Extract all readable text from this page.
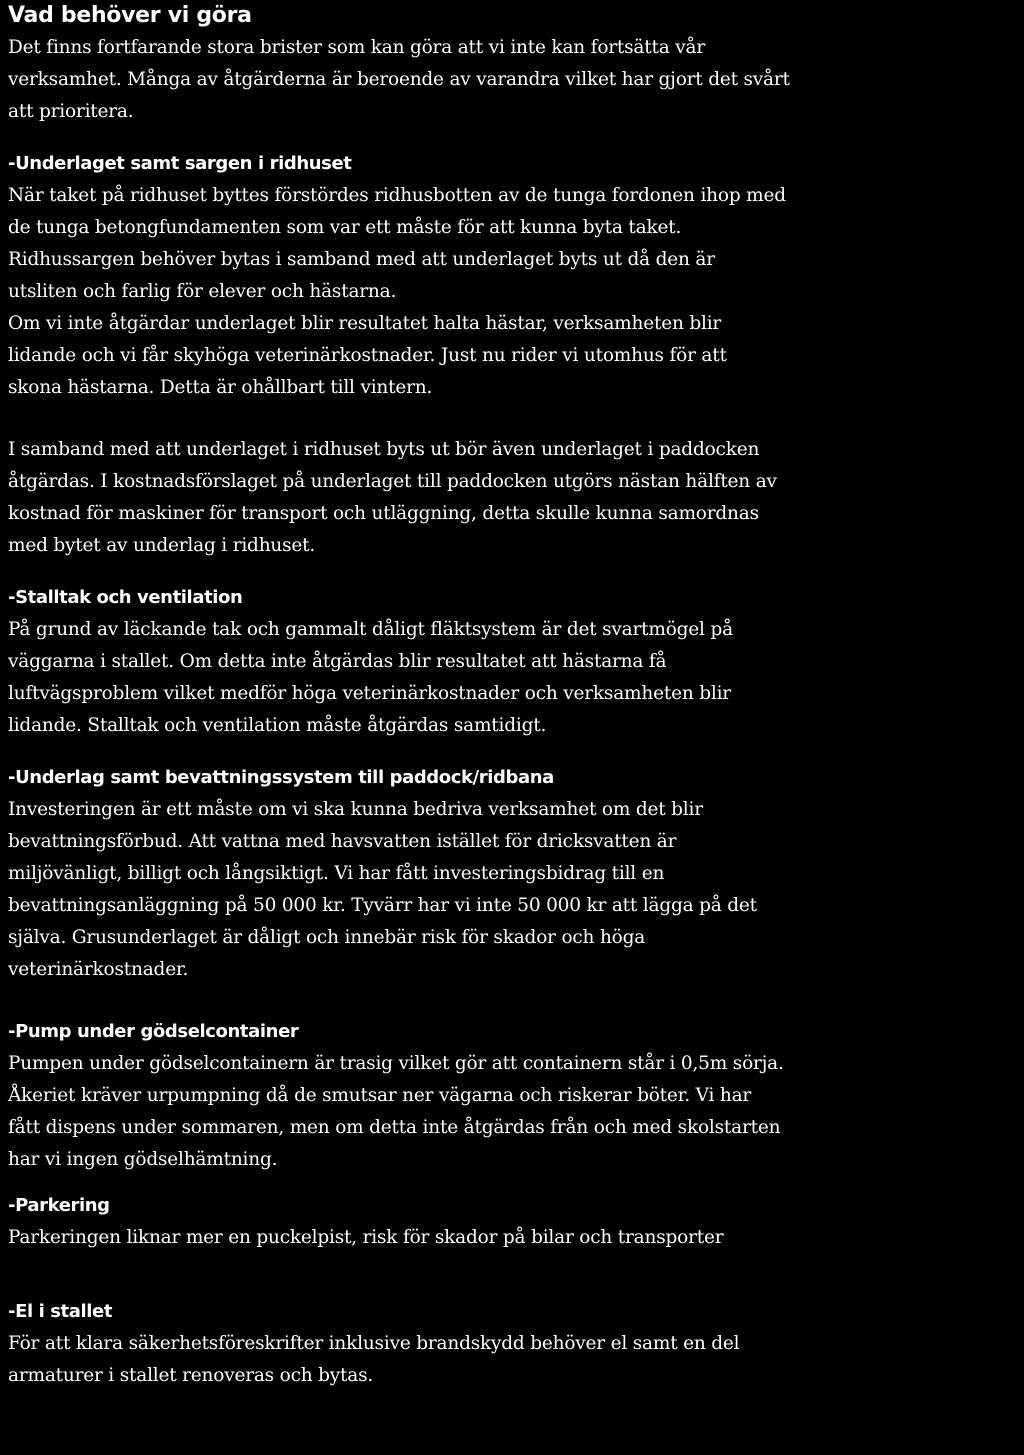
Vad behöver vi göra
Det finns fortfarande stora brister som kan göra att vi inte kan fortsätta vår
verksamhet. Många av åtgärderna är beroende av varandra vilket har gjort det svårt
att prioritera.
-Underlaget samt sargen i ridhuset
När taket på ridhuset byttes förstördes ridhusbotten av de tunga fordonen ihop med
de tunga betongfundamenten som var ett måste för att kunna byta taket.
Ridhussargen behöver bytas i samband med att underlaget byts ut då den är
utsliten och farlig för elever och hästarna.
Om vi inte åtgärdar underlaget blir resultatet halta hästar, verksamheten blir
lidande och vi får skyhöga veterinärkostnader. Just nu rider vi utomhus för att
skona hästarna. Detta är ohållbart till vintern.
I samband med att underlaget i ridhuset byts ut bör även underlaget i paddocken
åtgärdas. I kostnadsförslaget på underlaget till paddocken utgörs nästan hälften av
kostnad för maskiner för transport och utläggning, detta skulle kunna samordnas
med bytet av underlag i ridhuset.
-Stalltak och ventilation
På grund av läckande tak och gammalt dåligt fläktsystem är det svartmögel på
väggarna i stallet. Om detta inte åtgärdas blir resultatet att hästarna få
luftvägsproblem vilket medför höga veterinärkostnader och verksamheten blir
lidande. Stalltak och ventilation måste åtgärdas samtidigt.
-Underlag samt bevattningssystem till paddock/ridbana
Investeringen är ett måste om vi ska kunna bedriva verksamhet om det blir
bevattningsförbud. Att vattna med havsvatten istället för dricksvatten är
miljövänligt, billigt och långsiktigt. Vi har fått investeringsbidrag till en
bevattningsanläggning på 50 000 kr. Tyvärr har vi inte 50 000 kr att lägga på det
själva. Grusunderlaget är dåligt och innebär risk för skador och höga
veterinärkostnader.
-Pump under gödselcontainer
Pumpen under gödselcontainern är trasig vilket gör att containern står i 0,5m sörja.
Åkeriet kräver urpumpning då de smutsar ner vägarna och riskerar böter. Vi har
fått dispens under sommaren, men om detta inte åtgärdas från och med skolstarten
har vi ingen gödselhämtning.
-Parkering
Parkeringen liknar mer en puckelpist, risk för skador på bilar och transporter
-El i stallet
För att klara säkerhetsföreskrifter inklusive brandskydd behöver el samt en del
armaturer i stallet renoveras och bytas.
